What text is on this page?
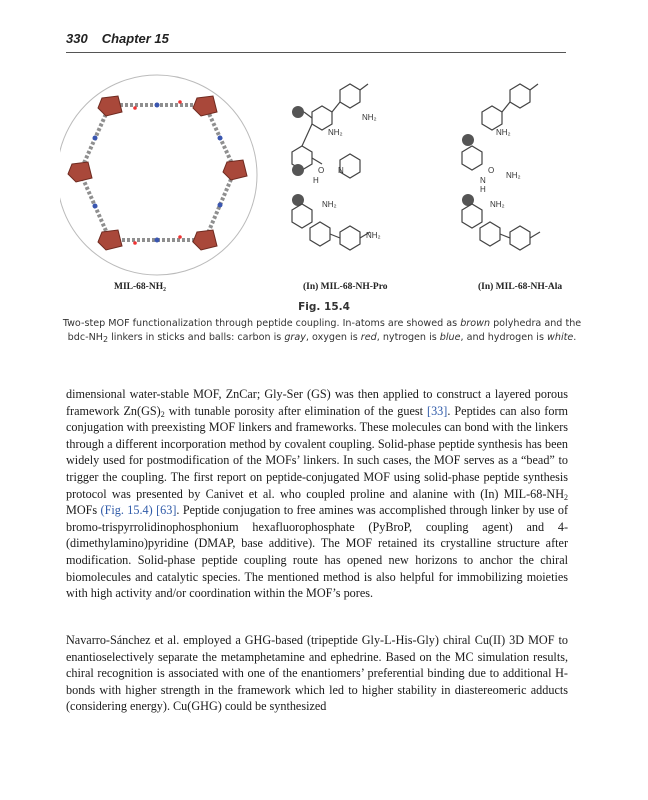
330 Chapter 15
NH₂
NH₂
O N
H
NH₂
NH₂
NH₂
O
NH₂
N
H
NH₂
MIL-68-NH₂	(In) MIL-68-NH-Pro	(In) MIL-68-NH-Ala
Fig. 15.4
Two-step MOF functionalization through peptide coupling. In-atoms are showed as brown polyhedra and the bdc-$NH_2$ linkers in sticks and balls: carbon is gray, oxygen is red, nytrogen is blue, and hydrogen is white.

dimensional water-stable MOF, ZnCar; Gly-Ser (GS) was then applied to construct a layered porous framework $Zn(GS)_2$ with tunable porosity after elimination of the guest [33]. Peptides can also form conjugation with preexisting MOF linkers and frameworks. These molecules can bond with the linkers through a different incorporation method by covalent coupling. Solid-phase peptide synthesis has been widely used for postmodification of the MOFs’ linkers. In such cases, the MOF serves as a “bead” to trigger the coupling. The first report on peptide-conjugated MOF using solid-phase peptide synthesis protocol was presented by Canivet et al. who coupled proline and alanine with (In) MIL-$68-NH_2$ MOFs (Fig. 15.4) [63]. Peptide conjugation to free amines was accomplished through linker by use of bromo-trispyrrolidinophosphonium hexafluorophosphate (PyBroP, coupling agent) and 4-(dimethylamino)pyridine (DMAP, base additive). The MOF retained its crystalline structure after modification. Solid-phase peptide coupling route has opened new horizons to anchor the chiral biomolecules and catalytic species. The mentioned method is also helpful for immobilizing moieties with high activity and/or coordination within the MOF’s pores.

Navarro-Sánchez et al. employed a GHG-based (tripeptide Gly-L-His-Gly) chiral Cu(II) 3D MOF to enantioselectively separate the metamphetamine and ephedrine. Based on the MC simulation results, chiral recognition is associated with one of the enantiomers’ preferential binding due to additional H-bonds with higher strength in the framework which led to higher stability in diastereomeric adducts (considering energy). Cu(GHG) could be synthesized
